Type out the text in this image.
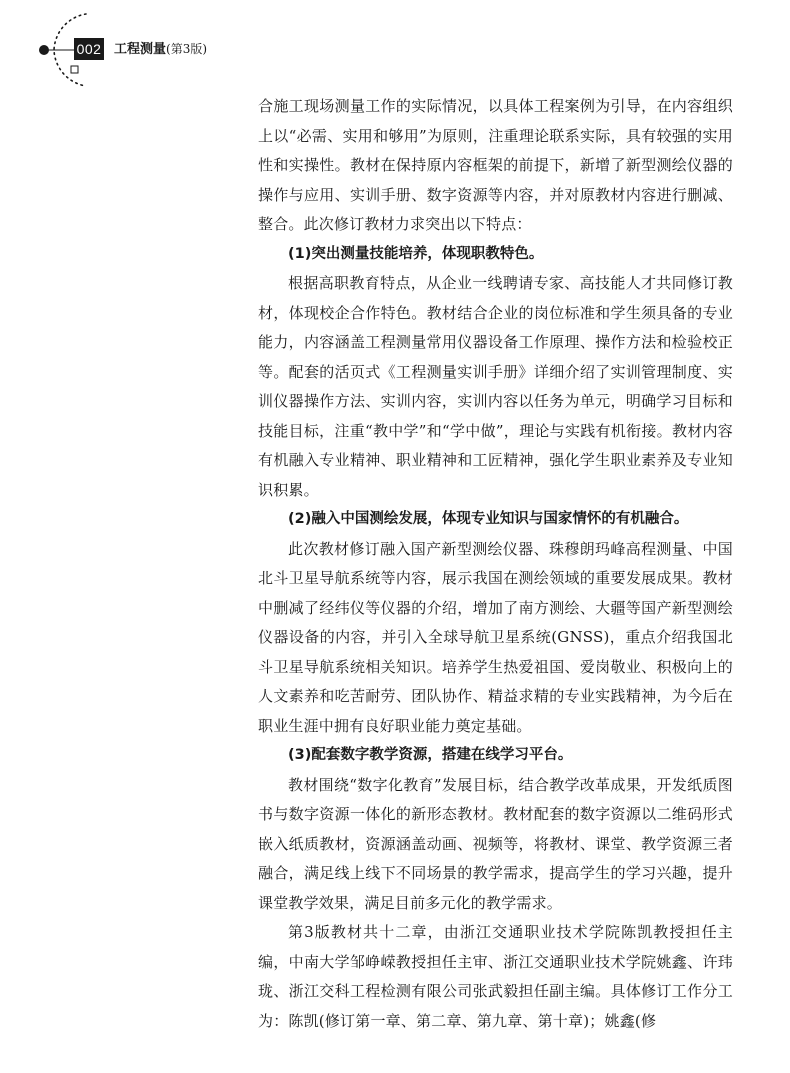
002 工程测量(第3版)

合施工现场测量工作的实际情况，以具体工程案例为引导，在内容组织上以“必需、实用和够用”为原则，注重理论联系实际，具有较强的实用性和实操性。教材在保持原内容框架的前提下，新增了新型测绘仪器的操作与应用、实训手册、数字资源等内容，并对原教材内容进行删减、整合。此次修订教材力求突出以下特点：

(1)突出测量技能培养，体现职教特色。

根据高职教育特点，从企业一线聘请专家、高技能人才共同修订教材，体现校企合作特色。教材结合企业的岗位标准和学生须具备的专业能力，内容涵盖工程测量常用仪器设备工作原理、操作方法和检验校正等。配套的活页式《工程测量实训手册》详细介绍了实训管理制度、实训仪器操作方法、实训内容，实训内容以任务为单元，明确学习目标和技能目标，注重“教中学”和“学中做”，理论与实践有机衔接。教材内容有机融入专业精神、职业精神和工匠精神，强化学生职业素养及专业知识积累。

(2)融入中国测绘发展，体现专业知识与国家情怀的有机融合。

此次教材修订融入国产新型测绘仪器、珠穆朗玛峰高程测量、中国北斗卫星导航系统等内容，展示我国在测绘领域的重要发展成果。教材中删减了经纬仪等仪器的介绍，增加了南方测绘、大疆等国产新型测绘仪器设备的内容，并引入全球导航卫星系统(GNSS)，重点介绍我国北斗卫星导航系统相关知识。培养学生热爱祖国、爱岗敬业、积极向上的人文素养和吃苦耐劳、团队协作、精益求精的专业实践精神，为今后在职业生涯中拥有良好职业能力奠定基础。

(3)配套数字教学资源，搭建在线学习平台。

教材围绕“数字化教育”发展目标，结合教学改革成果，开发纸质图书与数字资源一体化的新形态教材。教材配套的数字资源以二维码形式嵌入纸质教材，资源涵盖动画、视频等，将教材、课堂、教学资源三者融合，满足线上线下不同场景的教学需求，提高学生的学习兴趣，提升课堂教学效果，满足目前多元化的教学需求。

第3版教材共十二章，由浙江交通职业技术学院陈凯教授担任主编，中南大学邹峥嵘教授担任主审、浙江交通职业技术学院姚鑫、许玮珑、浙江交科工程检测有限公司张武毅担任副主编。具体修订工作分工为：陈凯(修订第一章、第二章、第九章、第十章)；姚鑫(修
